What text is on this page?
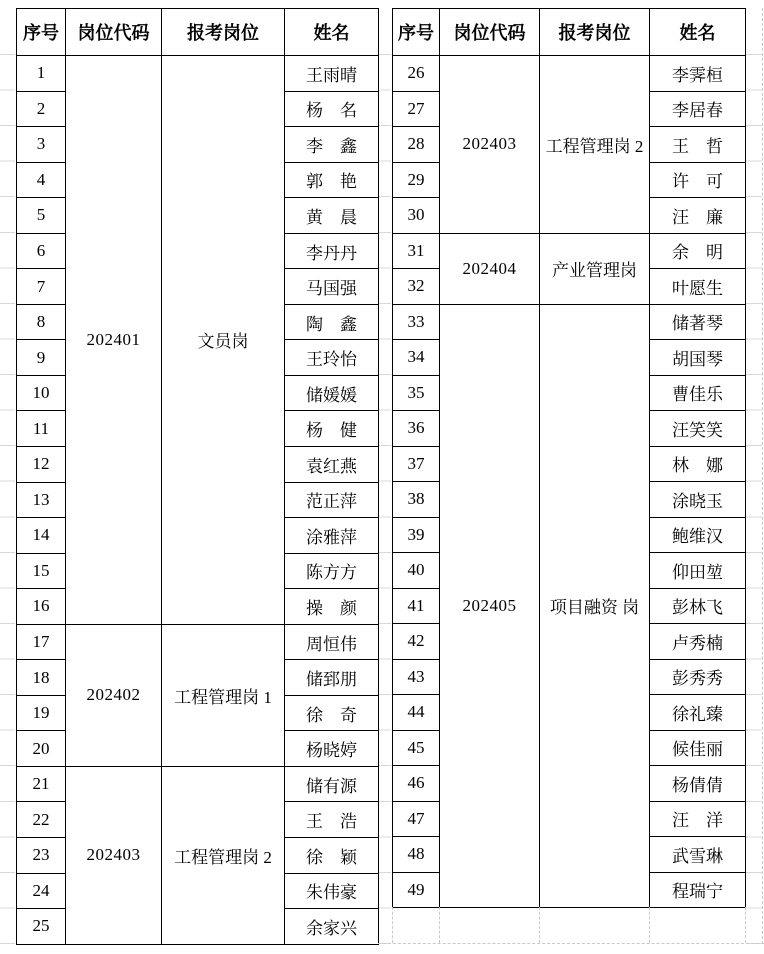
序号	岗位代码	报考岗位	姓名
1	202401	文员岗	王雨晴
2			杨　名
3			李　鑫
4			郭　艳
5			黄　晨
6			李丹丹
7			马国强
8			陶　鑫
9			王玲怡
10			储媛媛
11			杨　健
12			袁红燕
13			范正萍
14			涂雅萍
15			陈方方
16			操　颜
17	202402	工程管理岗 1	周恒伟
18			储郅朋
19			徐　奇
20			杨晓婷
21	202403	工程管理岗 2	储有源
22			王　浩
23			徐　颖
24			朱伟豪
25			余家兴
序号	岗位代码	报考岗位	姓名
26	202403	工程管理岗 2	李霁桓
27			李居春
28			王　哲
29			许　可
30			汪　廉
31	202404	产业管理岗	余　明
32			叶愿生
33	202405	项目融资 岗	储著琴
34			胡国琴
35			曹佳乐
36			汪笑笑
37			林　娜
38			涂晓玉
39			鲍维汉
40			仰田堃
41			彭林飞
42			卢秀楠
43			彭秀秀
44			徐礼臻
45			候佳丽
46			杨倩倩
47			汪　洋
48			武雪琳
49			程瑞宁
